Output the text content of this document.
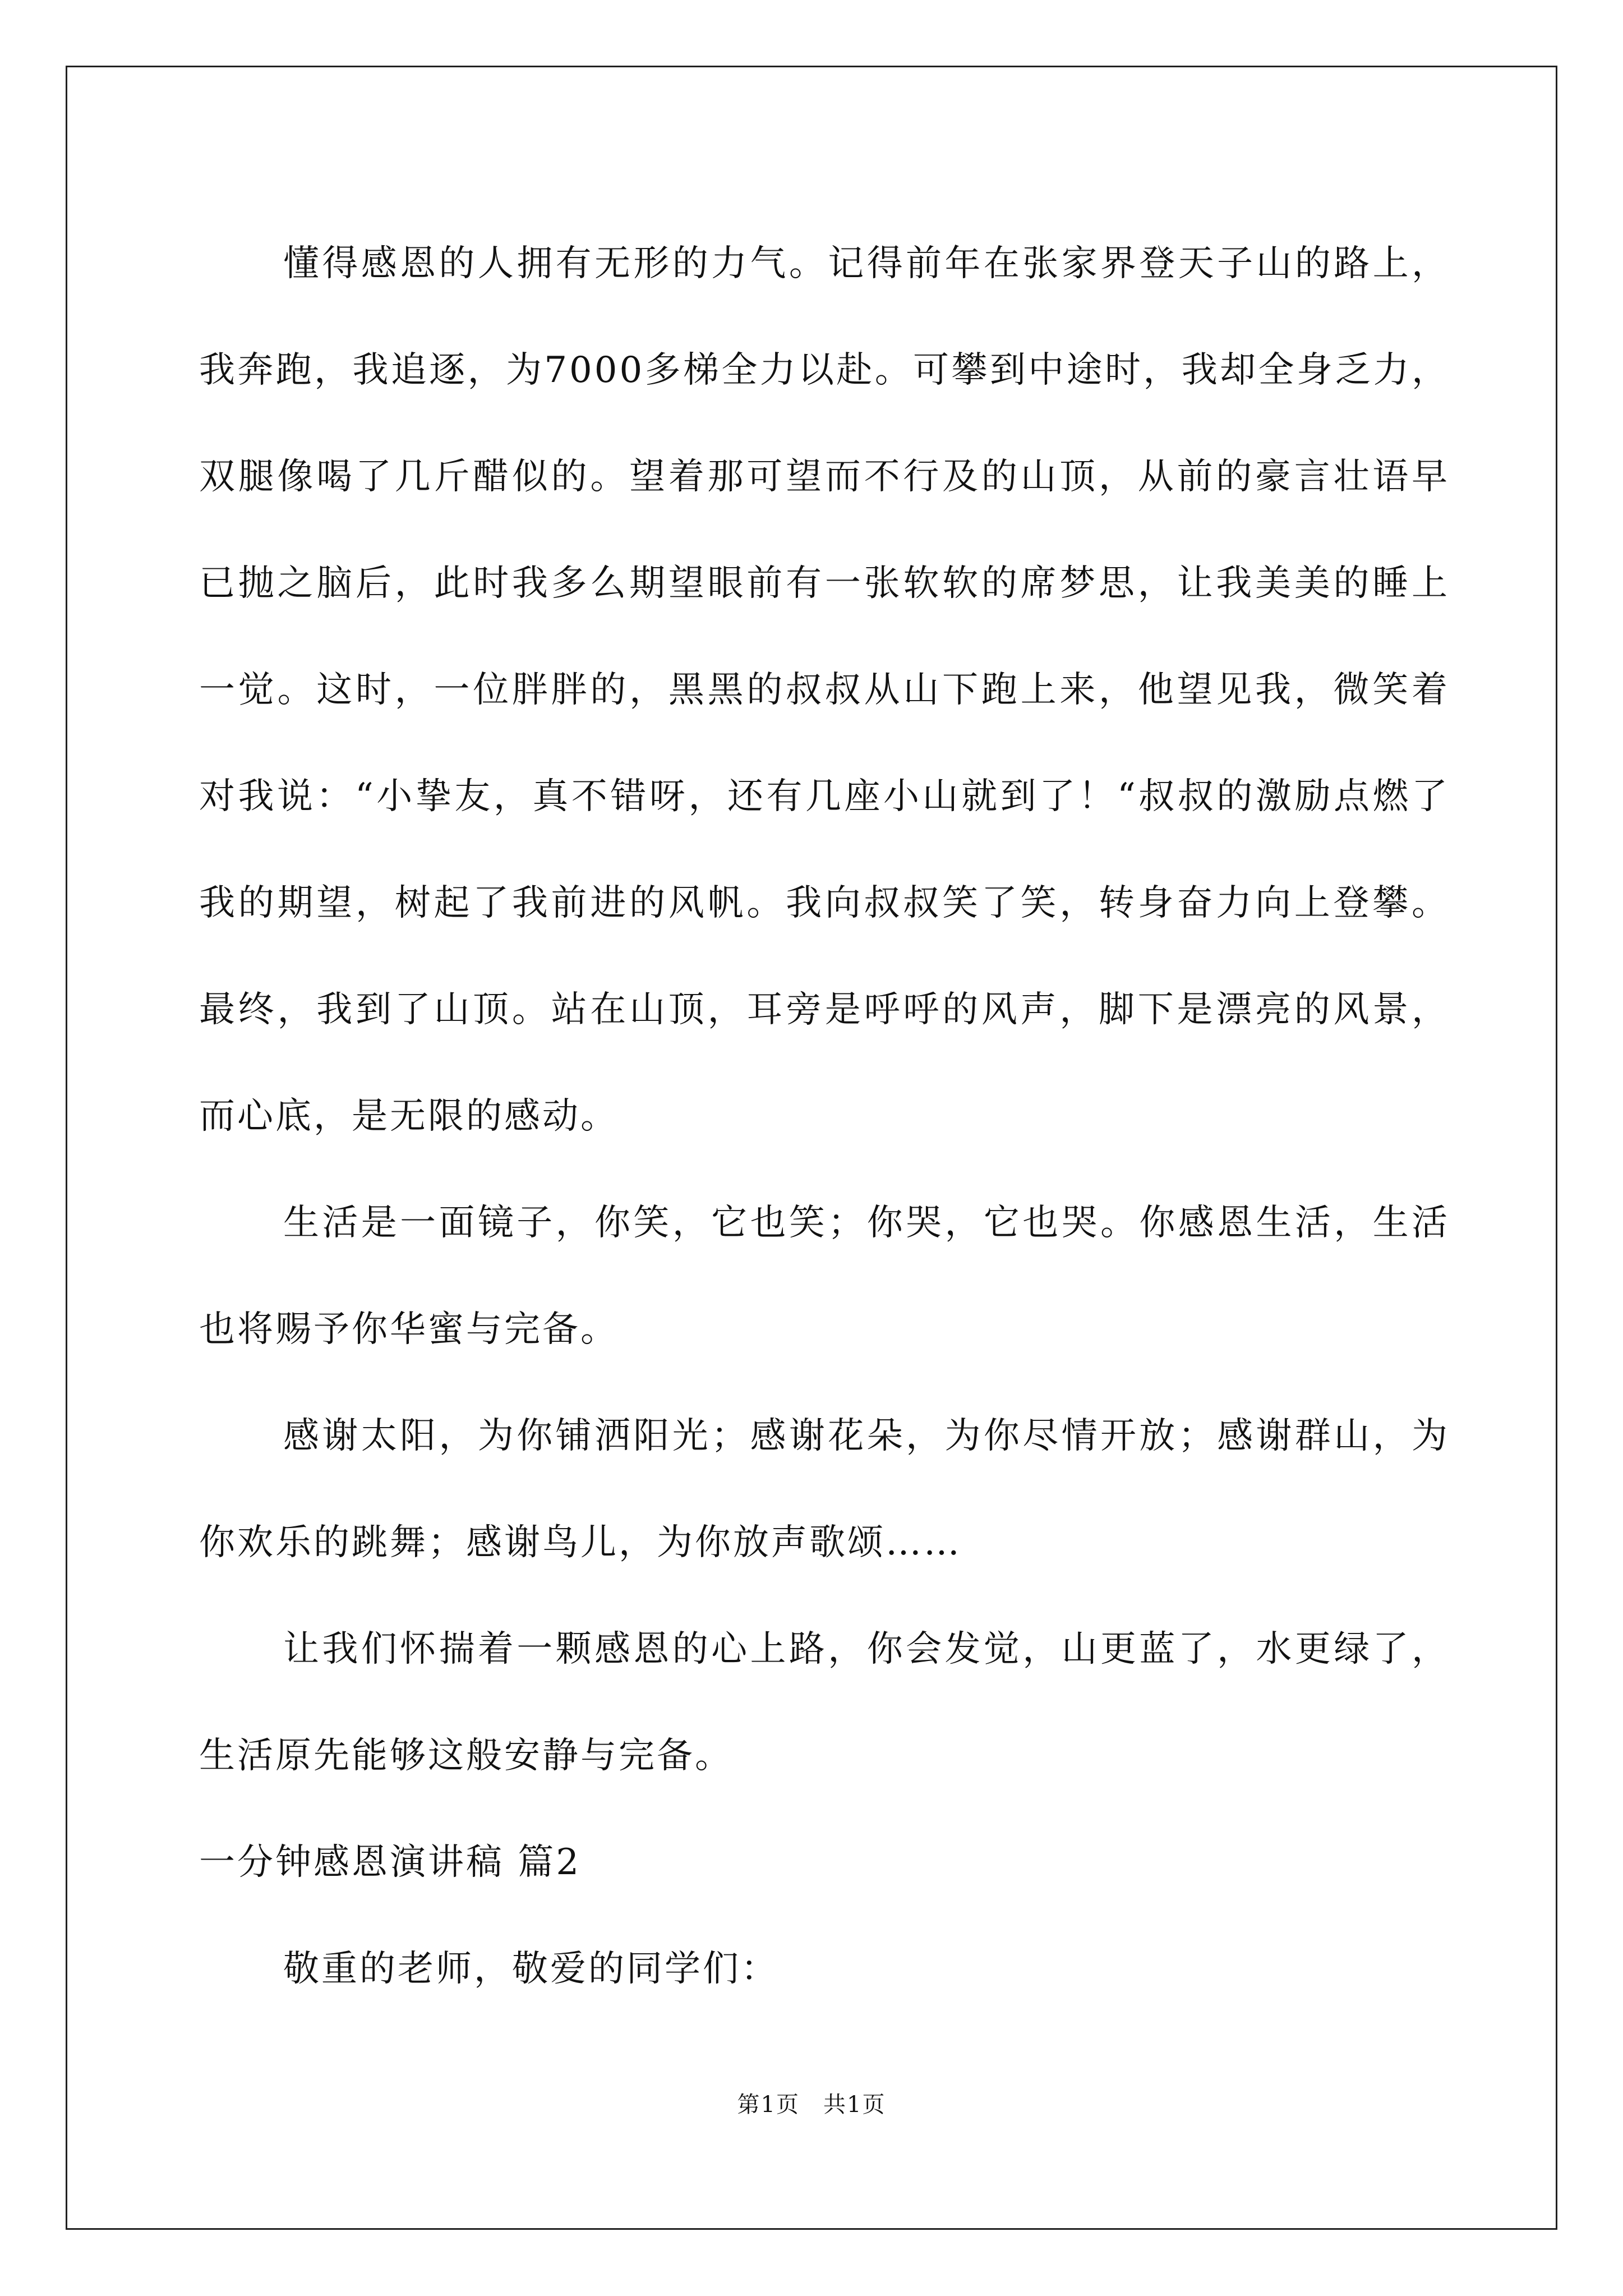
懂得感恩的人拥有无形的力气。记得前年在张家界登天子山的路上，我奔跑，我追逐，为7000多梯全力以赴。可攀到中途时，我却全身乏力，双腿像喝了几斤醋似的。望着那可望而不行及的山顶，从前的豪言壮语早已抛之脑后，此时我多么期望眼前有一张软软的席梦思，让我美美的睡上一觉。这时，一位胖胖的，黑黑的叔叔从山下跑上来，他望见我，微笑着对我说：“小挚友，真不错呀，还有几座小山就到了！“叔叔的激励点燃了我的期望，树起了我前进的风帆。我向叔叔笑了笑，转身奋力向上登攀。最终，我到了山顶。站在山顶，耳旁是呼呼的风声，脚下是漂亮的风景，而心底，是无限的感动。

生活是一面镜子，你笑，它也笑；你哭，它也哭。你感恩生活，生活也将赐予你华蜜与完备。

感谢太阳，为你铺洒阳光；感谢花朵，为你尽情开放；感谢群山，为你欢乐的跳舞；感谢鸟儿，为你放声歌颂……

让我们怀揣着一颗感恩的心上路，你会发觉，山更蓝了，水更绿了，生活原先能够这般安静与完备。

一分钟感恩演讲稿 篇2

敬重的老师，敬爱的同学们：

第1页　共1页
